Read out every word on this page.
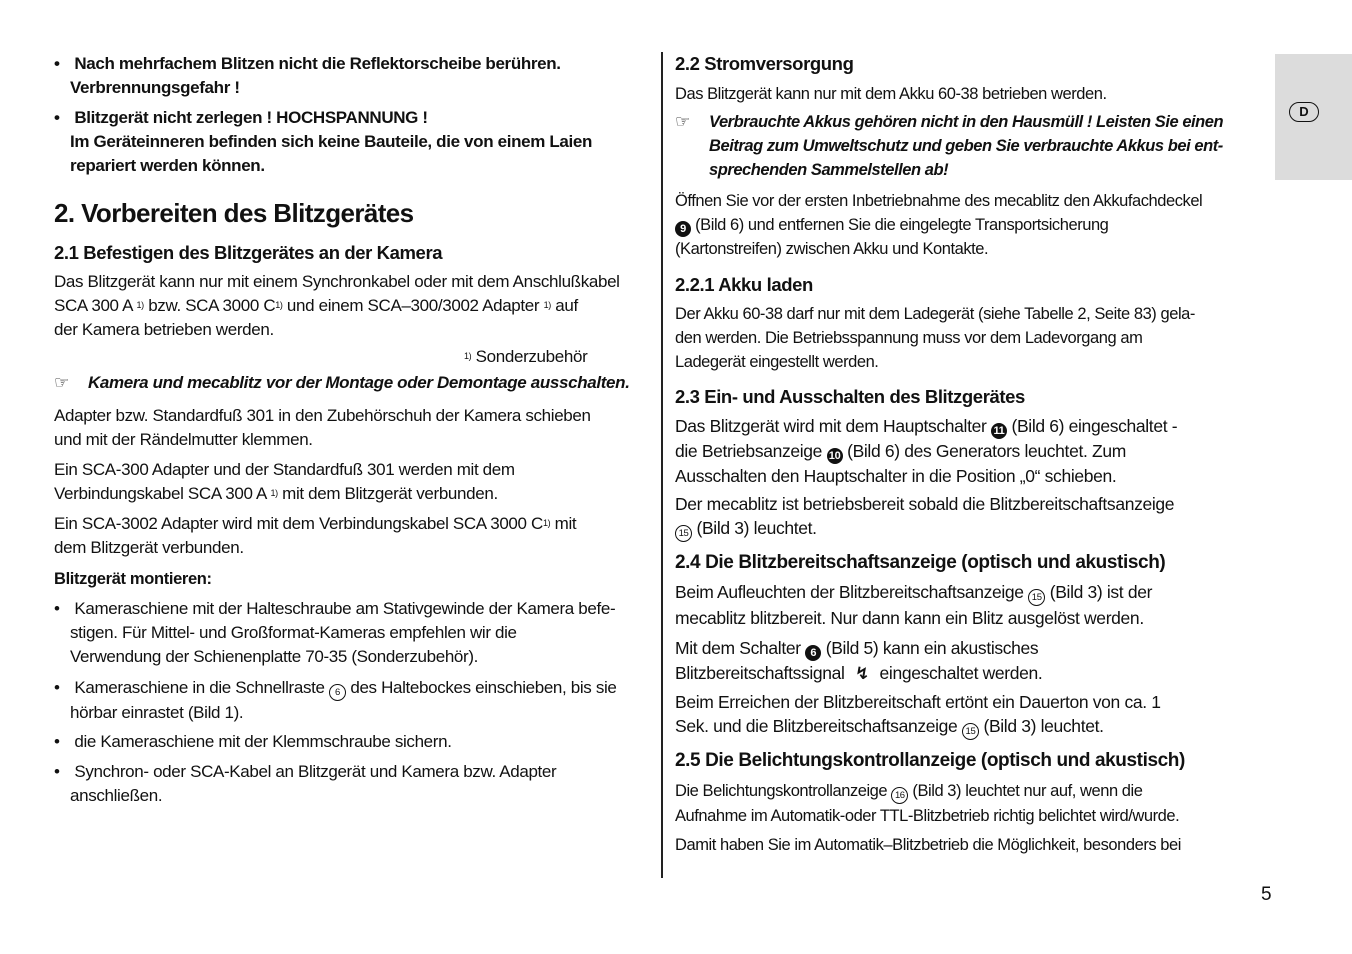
D
• Nach mehrfachem Blitzen nicht die Reflektorscheibe berühren.
Verbrennungsgefahr !
• Blitzgerät nicht zerlegen ! HOCHSPANNUNG !
Im Geräteinneren befinden sich keine Bauteile, die von einem Laien
repariert werden können.
2. Vorbereiten des Blitzgerätes
2.1 Befestigen des Blitzgerätes an der Kamera
Das Blitzgerät kann nur mit einem Synchronkabel oder mit dem Anschlußkabel
SCA 300 A $^{1)}$ bzw. SCA 3000 C$^{1)}$ und einem SCA–300/3002 Adapter $^{1)}$ auf
der Kamera betrieben werden.
$^{1)}$ Sonderzubehör
☞ Kamera und mecablitz vor der Montage oder Demontage ausschalten.
Adapter bzw. Standardfuß 301 in den Zubehörschuh der Kamera schieben
und mit der Rändelmutter klemmen.
Ein SCA-300 Adapter und der Standardfuß 301 werden mit dem
Verbindungskabel SCA 300 A $^{1)}$ mit dem Blitzgerät verbunden.
Ein SCA-3002 Adapter wird mit dem Verbindungskabel SCA 3000 C$^{1)}$ mit
dem Blitzgerät verbunden.
Blitzgerät montieren:
• Kameraschiene mit der Halteschraube am Stativgewinde der Kamera befe-
stigen. Für Mittel- und Großformat-Kameras empfehlen wir die
Verwendung der Schienenplatte 70-35 (Sonderzubehör).
• Kameraschiene in die Schnellraste 6 des Haltebockes einschieben, bis sie
hörbar einrastet (Bild 1).
• die Kameraschiene mit der Klemmschraube sichern.
• Synchron- oder SCA-Kabel an Blitzgerät und Kamera bzw. Adapter
anschließen.
2.2 Stromversorgung
Das Blitzgerät kann nur mit dem Akku 60-38 betrieben werden.
☞ Verbrauchte Akkus gehören nicht in den Hausmüll ! Leisten Sie einen
Beitrag zum Umweltschutz und geben Sie verbrauchte Akkus bei ent-
sprechenden Sammelstellen ab!
Öffnen Sie vor der ersten Inbetriebnahme des mecablitz den Akkufachdeckel
9 (Bild 6) und entfernen Sie die eingelegte Transportsicherung
(Kartonstreifen) zwischen Akku und Kontakte.
2.2.1 Akku laden
Der Akku 60-38 darf nur mit dem Ladegerät (siehe Tabelle 2, Seite 83) gela-
den werden. Die Betriebsspannung muss vor dem Ladevorgang am
Ladegerät eingestellt werden.
2.3 Ein- und Ausschalten des Blitzgerätes
Das Blitzgerät wird mit dem Hauptschalter 11 (Bild 6) eingeschaltet -
die Betriebsanzeige 10 (Bild 6) des Generators leuchtet. Zum
Ausschalten den Hauptschalter in die Position „0“ schieben.
Der mecablitz ist betriebsbereit sobald die Blitzbereitschaftsanzeige
15 (Bild 3) leuchtet.
2.4 Die Blitzbereitschaftsanzeige (optisch und akustisch)
Beim Aufleuchten der Blitzbereitschaftsanzeige 15 (Bild 3) ist der
mecablitz blitzbereit. Nur dann kann ein Blitz ausgelöst werden.
Mit dem Schalter 6 (Bild 5) kann ein akustisches
Blitzbereitschaftssignal ↯ eingeschaltet werden.
Beim Erreichen der Blitzbereitschaft ertönt ein Dauerton von ca. 1
Sek. und die Blitzbereitschaftsanzeige 15 (Bild 3) leuchtet.
2.5 Die Belichtungskontrollanzeige (optisch und akustisch)
Die Belichtungskontrollanzeige 16 (Bild 3) leuchtet nur auf, wenn die
Aufnahme im Automatik-oder TTL-Blitzbetrieb richtig belichtet wird/wurde.
Damit haben Sie im Automatik–Blitzbetrieb die Möglichkeit, besonders bei
5
